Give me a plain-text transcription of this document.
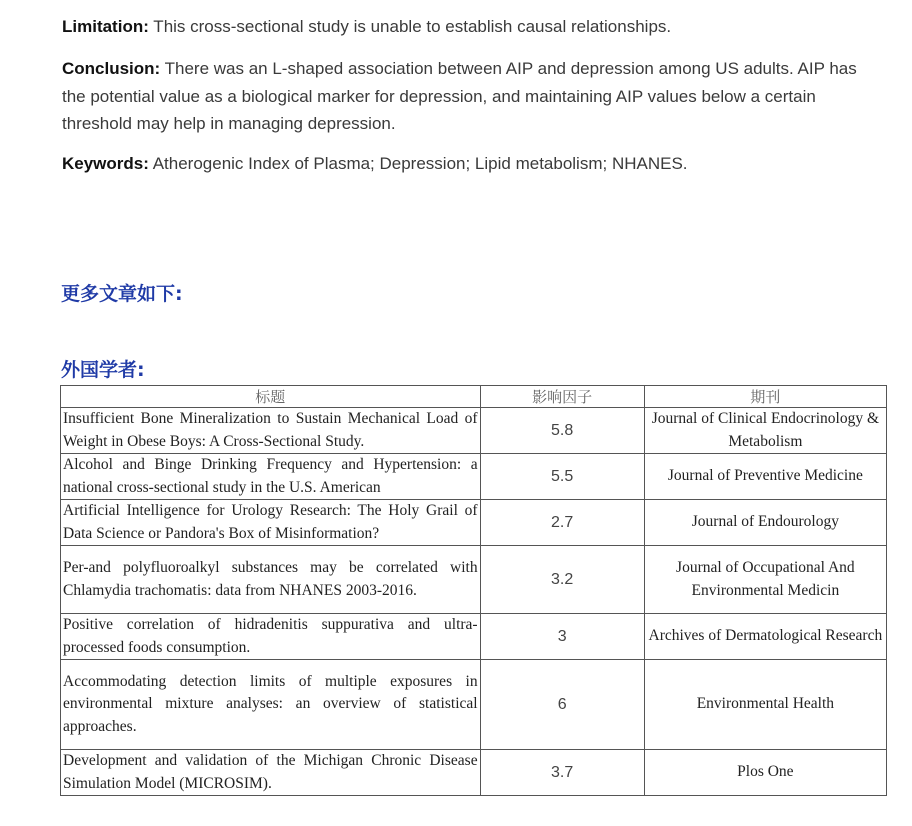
Limitation: This cross-sectional study is unable to establish causal relationships.

Conclusion: There was an L-shaped association between AIP and depression among US adults. AIP has the potential value as a biological marker for depression, and maintaining AIP values below a certain threshold may help in managing depression.

Keywords: Atherogenic Index of Plasma; Depression; Lipid metabolism; NHANES.

更多文章如下:
外国学者:
标题	影响因子	期刊
Insufficient Bone Mineralization to Sustain Mechanical Load of Weight in Obese Boys: A Cross-Sectional Study.	5.8	Journal of Clinical Endocrinology & Metabolism
Alcohol and Binge Drinking Frequency and Hypertension: a national cross-sectional study in the U.S. American	5.5	Journal of Preventive Medicine
Artificial Intelligence for Urology Research: The Holy Grail of Data Science or Pandora's Box of Misinformation?	2.7	Journal of Endourology
Per-and polyfluoroalkyl substances may be correlated with Chlamydia trachomatis: data from NHANES 2003-2016.	3.2	Journal of Occupational And Environmental Medicin
Positive correlation of hidradenitis suppurativa and ultra-processed foods consumption.	3	Archives of Dermatological Research
Accommodating detection limits of multiple exposures in environmental mixture analyses: an overview of statistical approaches.	6	Environmental Health
Development and validation of the Michigan Chronic Disease Simulation Model (MICROSIM).	3.7	Plos One
